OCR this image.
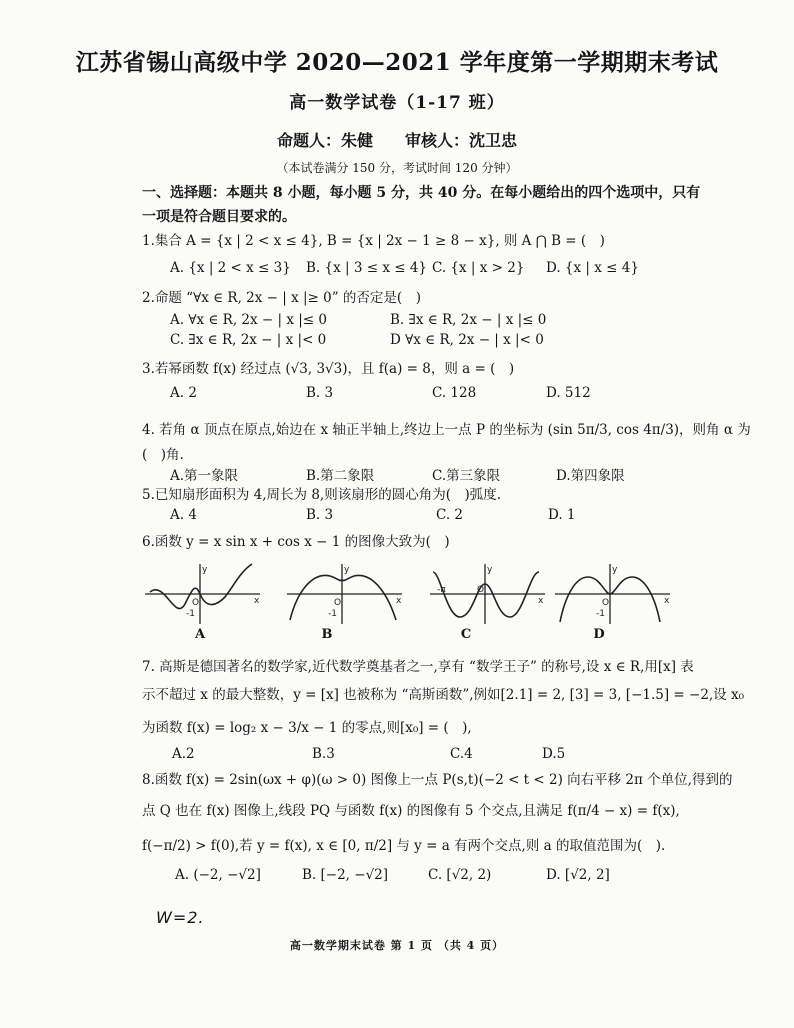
江苏省锡山高级中学 2020—2021 学年度第一学期期末考试
高一数学试卷（1-17 班）
命题人：朱健　　审核人：沈卫忠
（本试卷满分 150 分，考试时间 120 分钟）
一、选择题：本题共 8 小题，每小题 5 分，共 40 分。在每小题给出的四个选项中，只有一项是符合题目要求的。
1.集合 A = {x | 2 < x ≤ 4}, B = {x | 2x − 1 ≥ 8 − x}, 则 A ⋂ B = (　)
A. {x | 2 < x ≤ 3} B. {x | 3 ≤ x ≤ 4} C. {x | x > 2} D. {x | x ≤ 4}
2.命题 “∀x ∈ R, 2x − | x |≥ 0” 的否定是(　)
A. ∀x ∈ R, 2x − | x |≤ 0	B. ∃x ∈ R, 2x − | x |≤ 0
C. ∃x ∈ R, 2x − | x |< 0	D ∀x ∈ R, 2x − | x |< 0
3.若幂函数 f(x) 经过点 (√3, 3√3)，且 f(a) = 8，则 a = (　)
A. 2	B. 3	C. 128	D. 512
4. 若角 α 顶点在原点,始边在 x 轴正半轴上,终边上一点 P 的坐标为 (sin 5π/3, cos 4π/3)，则角 α 为
(　)角.
A.第一象限	B.第二象限	C.第三象限	D.第四象限
5.已知扇形面积为 4,周长为 8,则该扇形的圆心角为(　)弧度.
A. 4	B. 3	C. 2	D. 1
6.函数 y = x sin x + cos x − 1 的图像大致为(　)
y
x
O
-1
y
x
O
-1
y
x
O
-π
y
x
O
-1
A	B	C	D
7. 高斯是德国著名的数学家,近代数学奠基者之一,享有 “数学王子” 的称号,设 x ∈ R,用[x] 表
示不超过 x 的最大整数，y = [x] 也被称为 “高斯函数”,例如[2.1] = 2, [3] = 3, [−1.5] = −2,设 x₀
为函数 f(x) = log₂ x − 3/x − 1 的零点,则[x₀] = (　),
A.2	B.3	C.4	D.5
8.函数 f(x) = 2sin(ωx + φ)(ω > 0) 图像上一点 P(s,t)(−2 < t < 2) 向右平移 2π 个单位,得到的
点 Q 也在 f(x) 图像上,线段 PQ 与函数 f(x) 的图像有 5 个交点,且满足 f(π/4 − x) = f(x),
f(−π/2) > f(0),若 y = f(x), x ∈ [0, π/2] 与 y = a 有两个交点,则 a 的取值范围为(　).
A. (−2, −√2]	B. [−2, −√2]	C. [√2, 2)	D. [√2, 2]
W=2.
高一数学期末试卷 第 1 页 （共 4 页）
